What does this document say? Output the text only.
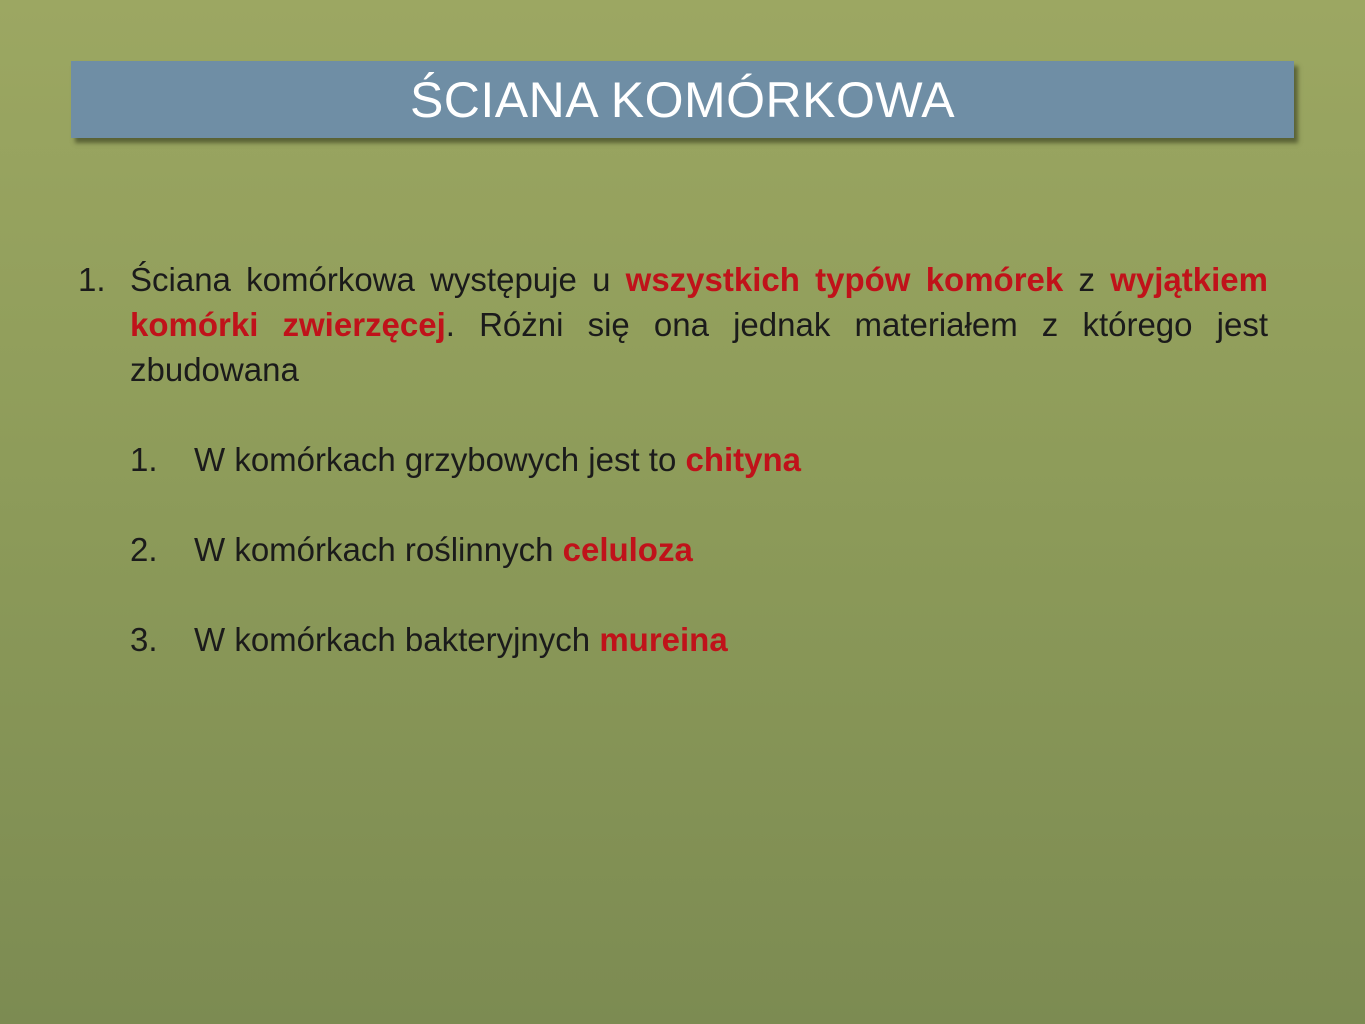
ŚCIANA KOMÓRKOWA
1. Ściana komórkowa występuje u wszystkich typów komórek z wyjątkiem komórki zwierzęcej. Różni się ona jednak materiałem z którego jest zbudowana
1.	W komórkach grzybowych jest to chityna
2.	W komórkach roślinnych celuloza
3.	W komórkach bakteryjnych mureina
